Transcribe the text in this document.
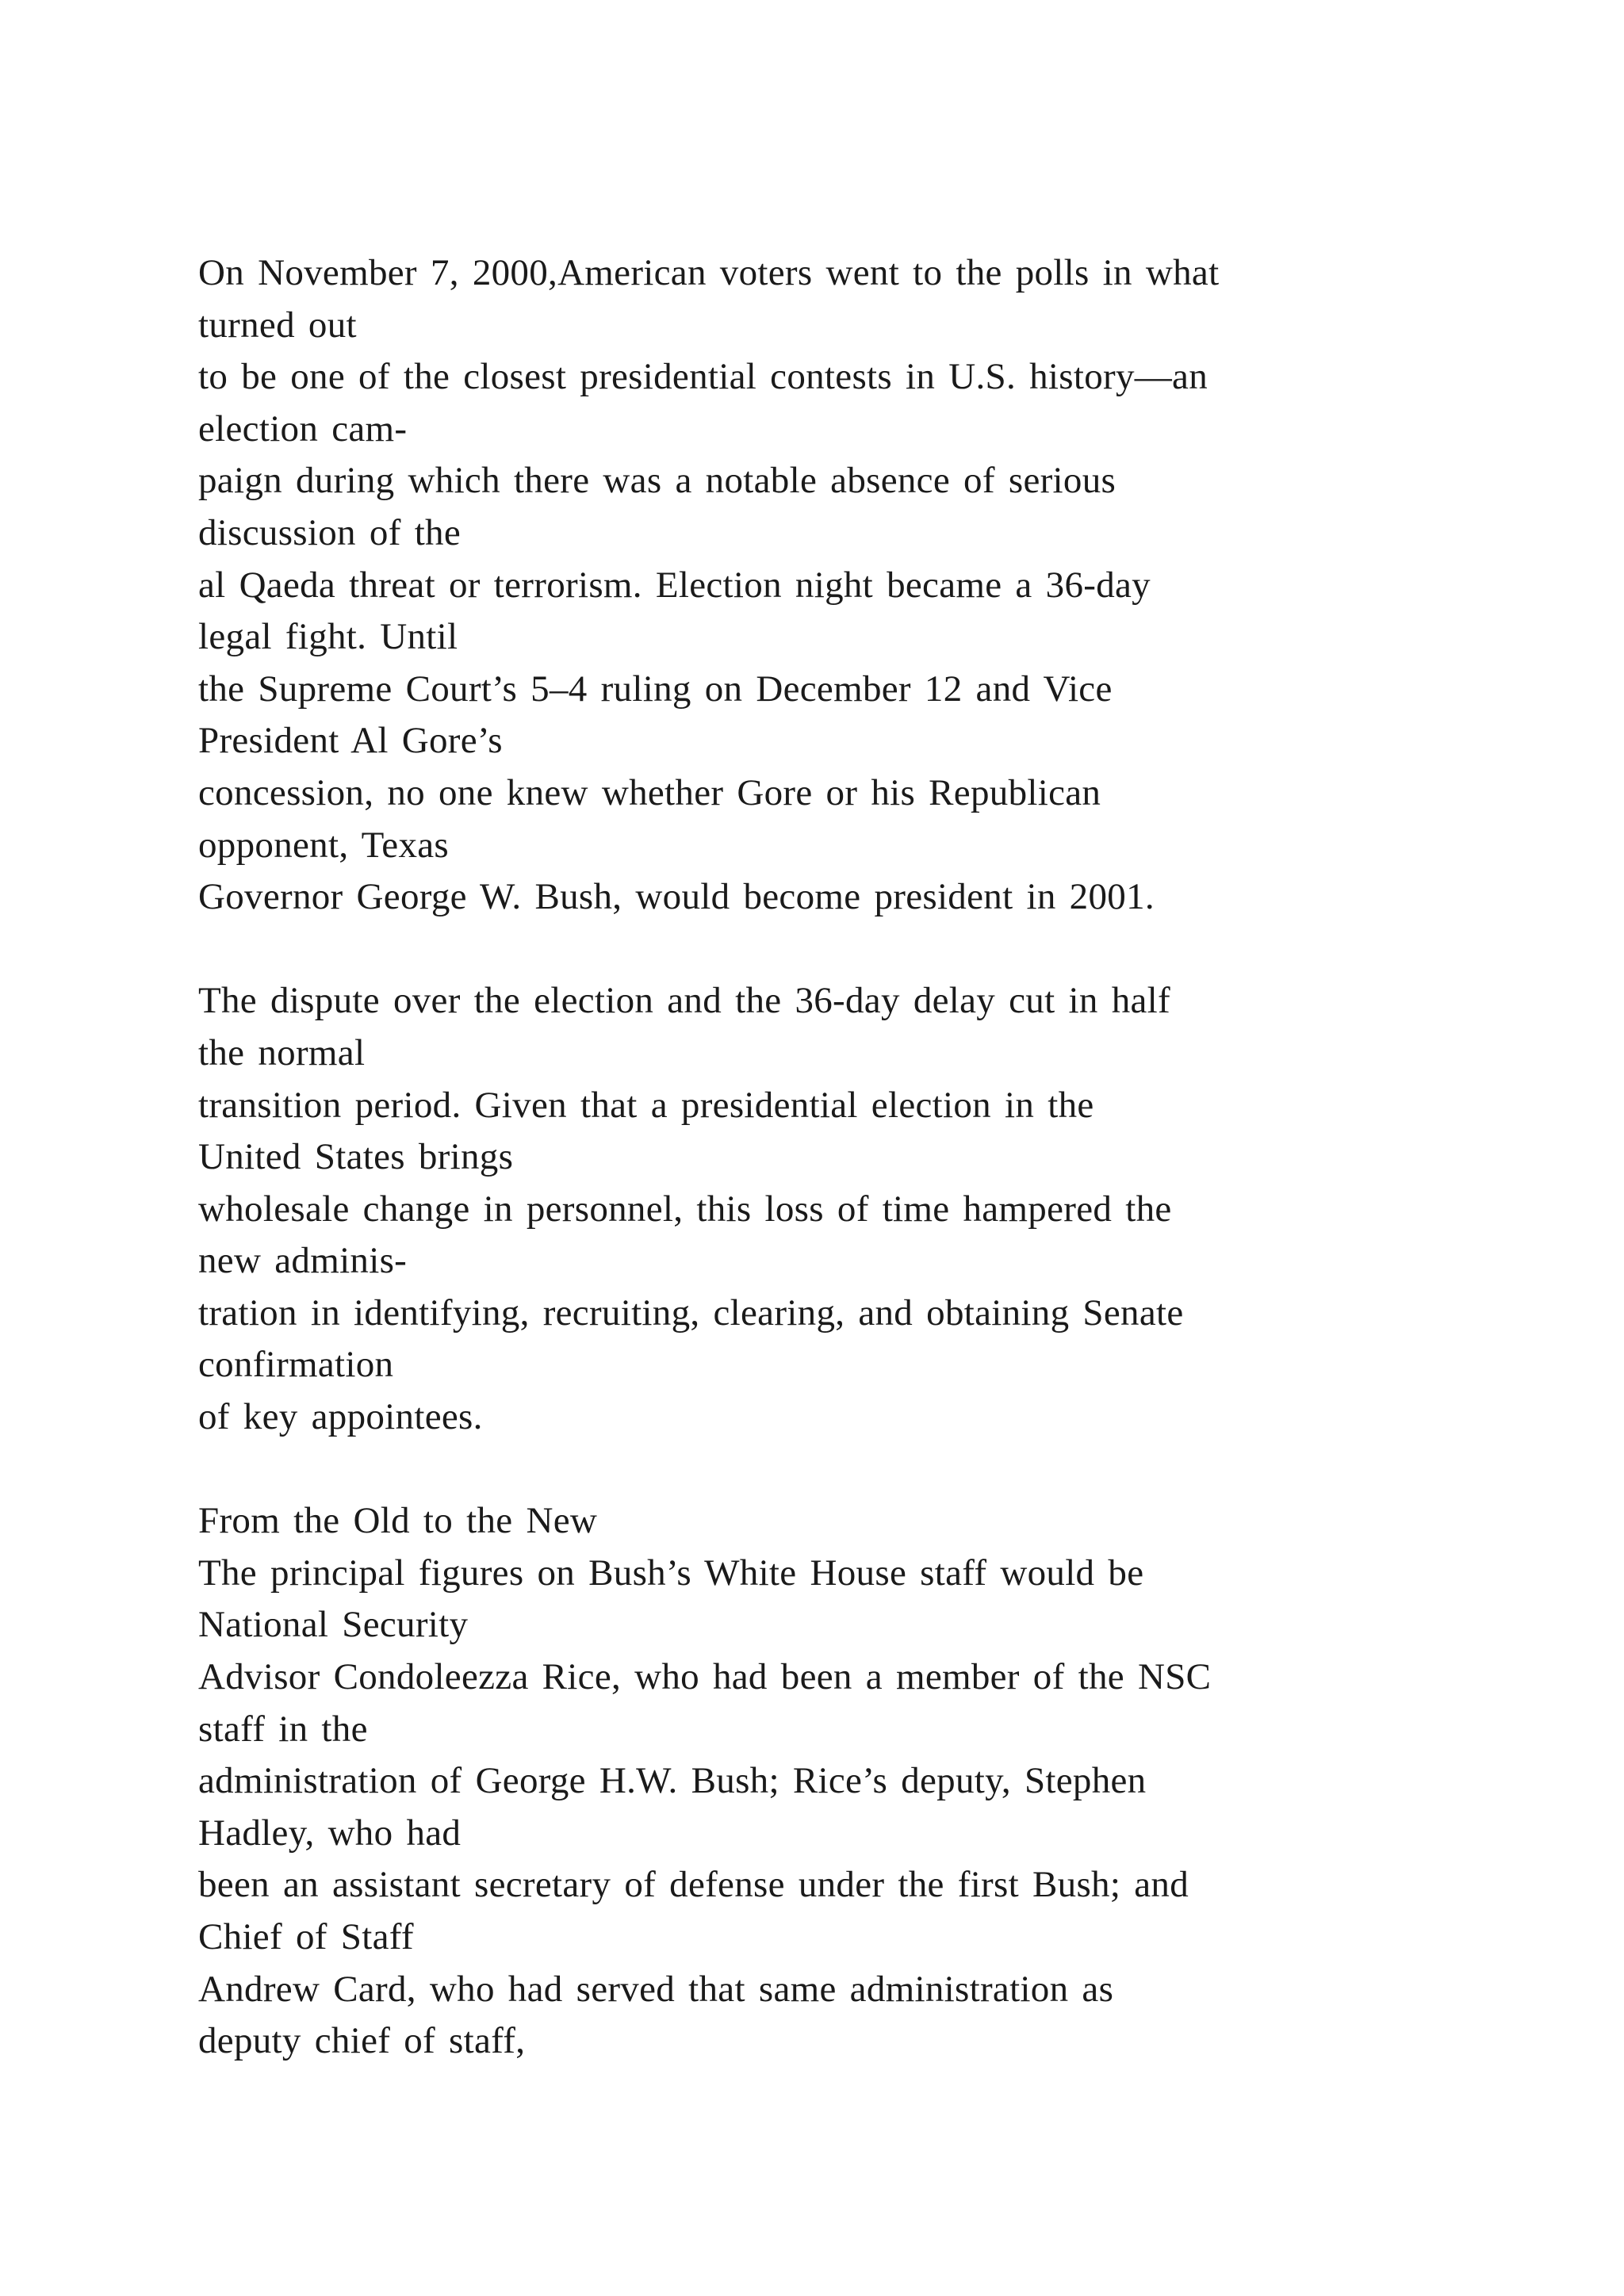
On November 7, 2000,American voters went to the polls in what
turned out
to be one of the closest presidential contests in U.S. history—an
election cam-
paign during which there was a notable absence of serious
discussion of the
al Qaeda threat or terrorism. Election night became a 36-day
legal fight. Until
the Supreme Court’s 5–4 ruling on December 12 and Vice
President Al Gore’s
concession, no one knew whether Gore or his Republican
opponent, Texas
Governor George W. Bush, would become president in 2001.
The dispute over the election and the 36-day delay cut in half
the normal
transition period. Given that a presidential election in the
United States brings
wholesale change in personnel, this loss of time hampered the
new adminis-
tration in identifying, recruiting, clearing, and obtaining Senate
confirmation
of key appointees.
From the Old to the New
The principal figures on Bush’s White House staff would be
National Security
Advisor Condoleezza Rice, who had been a member of the NSC
staff in the
administration of George H.W. Bush; Rice’s deputy, Stephen
Hadley, who had
been an assistant secretary of defense under the first Bush; and
Chief of Staff
Andrew Card, who had served that same administration as
deputy chief of staff,
